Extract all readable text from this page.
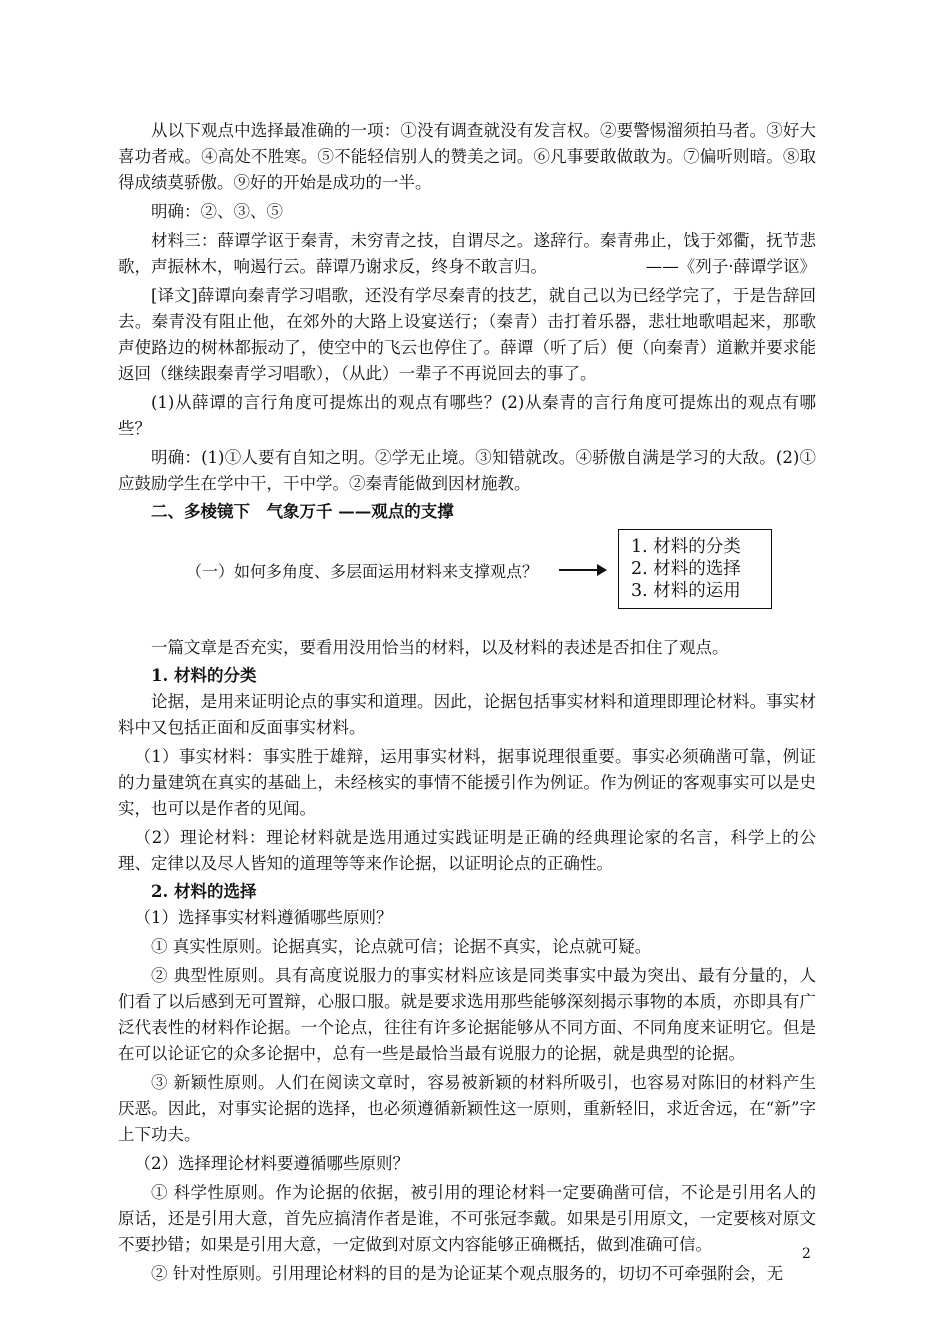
从以下观点中选择最准确的一项：①没有调查就没有发言权。②要警惕溜须拍马者。③好大喜功者戒。④高处不胜寒。⑤不能轻信别人的赞美之词。⑥凡事要敢做敢为。⑦偏听则暗。⑧取得成绩莫骄傲。⑨好的开始是成功的一半。

明确：②、③、⑤

材料三：薛谭学讴于秦青，未穷青之技，自谓尽之。遂辞行。秦青弗止，饯于郊衢，抚节悲歌，声振林木，响遏行云。薛谭乃谢求反，终身不敢言归。	——《列子·薛谭学讴》

[译文]薛谭向秦青学习唱歌，还没有学尽秦青的技艺，就自己以为已经学完了，于是告辞回去。秦青没有阻止他，在郊外的大路上设宴送行；（秦青）击打着乐器，悲壮地歌唱起来，那歌声使路边的树林都振动了，使空中的飞云也停住了。薛谭（听了后）便（向秦青）道歉并要求能返回（继续跟秦青学习唱歌），（从此）一辈子不再说回去的事了。

(1)从薛谭的言行角度可提炼出的观点有哪些？(2)从秦青的言行角度可提炼出的观点有哪些？

明确：(1)①人要有自知之明。②学无止境。③知错就改。④骄傲自满是学习的大敌。(2)①应鼓励学生在学中干，干中学。②秦青能做到因材施教。

二、多棱镜下　气象万千 ——观点的支撑

（一）如何多角度、多层面运用材料来支撑观点？
1. 材料的分类
2. 材料的选择
3. 材料的运用

一篇文章是否充实，要看用没用恰当的材料，以及材料的表述是否扣住了观点。

1. 材料的分类

论据，是用来证明论点的事实和道理。因此，论据包括事实材料和道理即理论材料。事实材料中又包括正面和反面事实材料。

（1）事实材料：事实胜于雄辩，运用事实材料，据事说理很重要。事实必须确凿可靠，例证的力量建筑在真实的基础上，未经核实的事情不能援引作为例证。作为例证的客观事实可以是史实，也可以是作者的见闻。

（2）理论材料：理论材料就是选用通过实践证明是正确的经典理论家的名言，科学上的公理、定律以及尽人皆知的道理等等来作论据，以证明论点的正确性。

2. 材料的选择

（1）选择事实材料遵循哪些原则？

① 真实性原则。论据真实，论点就可信；论据不真实，论点就可疑。

② 典型性原则。具有高度说服力的事实材料应该是同类事实中最为突出、最有分量的，人们看了以后感到无可置辩，心服口服。就是要求选用那些能够深刻揭示事物的本质，亦即具有广泛代表性的材料作论据。一个论点，往往有许多论据能够从不同方面、不同角度来证明它。但是在可以论证它的众多论据中，总有一些是最恰当最有说服力的论据，就是典型的论据。

③ 新颖性原则。人们在阅读文章时，容易被新颖的材料所吸引，也容易对陈旧的材料产生厌恶。因此，对事实论据的选择，也必须遵循新颖性这一原则，重新轻旧，求近舍远，在“新”字上下功夫。

（2）选择理论材料要遵循哪些原则？

① 科学性原则。作为论据的依据，被引用的理论材料一定要确凿可信，不论是引用名人的原话，还是引用大意，首先应搞清作者是谁，不可张冠李戴。如果是引用原文，一定要核对原文不要抄错；如果是引用大意，一定做到对原文内容能够正确概括，做到准确可信。

② 针对性原则。引用理论材料的目的是为论证某个观点服务的，切切不可牵强附会，无

2
